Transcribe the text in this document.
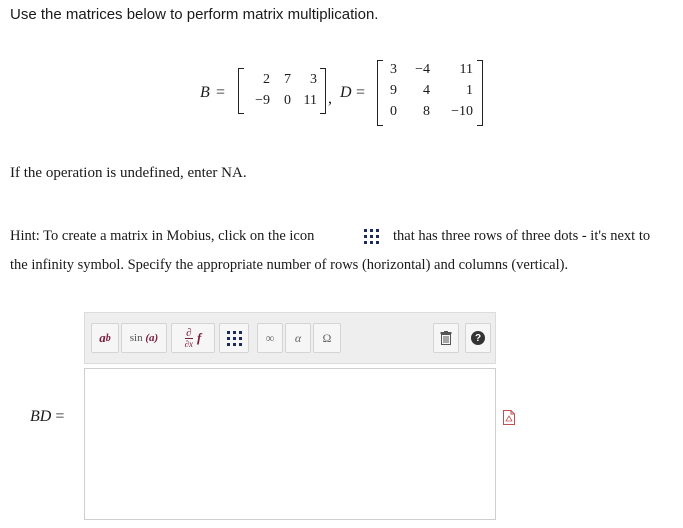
Use the matrices below to perform matrix multiplication.
B =
2	7	3
−9	0 11 , D =
3	−4	11
9	4	1
0	8	−10
If the operation is undefined, enter NA.
Hint: To create a matrix in Mobius, click on the icon	that has three rows of three dots - it's next to
the infinity symbol. Specify the appropriate number of rows (horizontal) and columns (vertical).
a b sin
(a)	∂
∂x f	∞ α Ω	?
BD =
